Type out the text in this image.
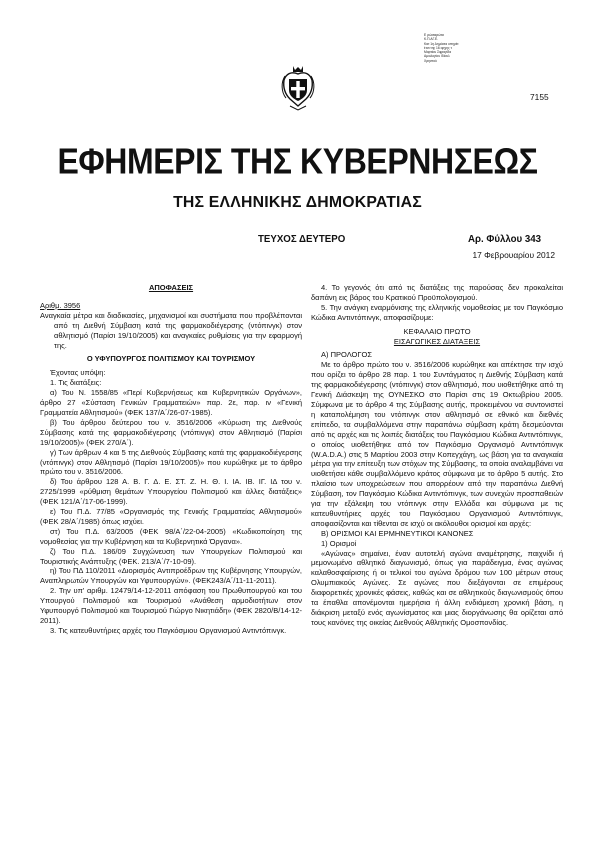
Ε ρώσιαρώτα
Κ.Π.ΑΓ.Ε.
Κατ 1η Δημόσια υπηρέτ
έτσι της 16 αρχης τ
Μαρτίου Σφραγίδα
Αμιολογίου Ιδίουλ
Χρηστού
7155
ΕΦΗΜΕΡΙΣ ΤΗΣ ΚΥΒΕΡΝΗΣΕΩΣ
ΤΗΣ ΕΛΛΗΝΙΚΗΣ ΔΗΜΟΚΡΑΤΙΑΣ
ΤΕΥΧΟΣ ΔΕΥΤΕΡΟ	Αρ. Φύλλου 343
17 Φεβρουαρίου 2012

ΑΠΟΦΑΣΕΙΣ

Αριθμ. 3956

Αναγκαία μέτρα και διαδικασίες, μηχανισμοί και συστήματα που προβλέπονται από τη Διεθνή Σύμβαση κατά της φαρμακοδιέγερσης (ντόπινγκ) στον αθλητισμό (Παρίσι 19/10/2005) και αναγκαίες ρυθμίσεις για την εφαρμογή της.

Ο ΥΦΥΠΟΥΡΓΟΣ ΠΟΛΙΤΙΣΜΟΥ ΚΑΙ ΤΟΥΡΙΣΜΟΥ

Έχοντας υπόψη:

1. Τις διατάξεις:

α) Του Ν. 1558/85 «Περί Κυβερνήσεως και Κυβερνητικών Οργάνων», άρθρο 27 «Σύσταση Γενικών Γραμματειών» παρ. 2ε, παρ. ιν «Γενική Γραμματεία Αθλητισμού» (ΦΕΚ 137/Α΄/26-07-1985).

β) Του άρθρου δεύτερου του ν. 3516/2006 «Κύρωση της Διεθνούς Σύμβασης κατά της φαρμακοδιέγερσης (ντόπινγκ) στον Αθλητισμό (Παρίσι 19/10/2005)» (ΦΕΚ 270/Α΄).

γ) Των άρθρων 4 και 5 της Διεθνούς Σύμβασης κατά της φαρμακοδιέγερσης (ντόπινγκ) στον Αθλητισμό (Παρίσι 19/10/2005)» που κυρώθηκε με το άρθρο πρώτο του ν. 3516/2006.

δ) Του άρθρου 128 Α. Β. Γ. Δ. Ε. ΣΤ. Ζ. Η. Θ. Ι. ΙΑ. ΙΒ. ΙΓ. ΙΔ του ν. 2725/1999 «ρύθμιση θεμάτων Υπουργείου Πολιτισμού και άλλες διατάξεις» (ΦΕΚ 121/Α΄/17-06-1999).

ε) Του Π.Δ. 77/85 «Οργανισμός της Γενικής Γραμματείας Αθλητισμού» (ΦΕΚ 28/Α΄/1985) όπως ισχύει.

στ) Του Π.Δ. 63/2005 (ΦΕΚ 98/Α΄/22-04-2005) «Κωδικοποίηση της νομοθεσίας για την Κυβέρνηση και τα Κυβερνητικά Όργανα».

ζ) Του Π.Δ. 186/09 Συγχώνευση των Υπουργείων Πολιτισμού και Τουριστικής Ανάπτυξης (ΦΕΚ. 213/Α΄/7-10-09).

η) Του ΠΔ 110/2011 «Διορισμός Αντιπροέδρων της Κυβέρνησης Υπουργών, Αναπληρωτών Υπουργών και Υφυπουργών». (ΦΕΚ243/Α΄/11-11-2011).

2. Την υπ' αριθμ. 12479/14-12-2011 απόφαση του Πρωθυπουργού και του Υπουργού Πολιτισμού και Τουρισμού «Ανάθεση αρμοδιοτήτων στον Υφυπουργό Πολιτισμού και Τουρισμού Γιώργο Νικητιάδη» (ΦΕΚ 2820/Β/14-12-2011).

3. Τις κατευθυντήριες αρχές του Παγκόσμιου Οργανισμού Αντιντόπινγκ.

4. Το γεγονός ότι από τις διατάξεις της παρούσας δεν προκαλείται δαπάνη εις βάρος του Κρατικού Προϋπολογισμού.

5. Την ανάγκη εναρμόνισης της ελληνικής νομοθεσίας με τον Παγκόσμιο Κώδικα Αντιντόπινγκ, αποφασίζουμε:

ΚΕΦΑΛΑΙΟ ΠΡΩΤΟ

ΕΙΣΑΓΩΓΙΚΕΣ ΔΙΑΤΑΞΕΙΣ

Α) ΠΡΟΛΟΓΟΣ

Με το άρθρο πρώτο του ν. 3516/2006 κυρώθηκε και απέκτησε την ισχύ που ορίζει το άρθρο 28 παρ. 1 του Συντάγματος η Διεθνής Σύμβαση κατά της φαρμακοδιέγερσης (ντόπινγκ) στον αθλητισμό, που υιοθετήθηκε από τη Γενική Διάσκεψη της ΟΥΝΕΣΚΟ στο Παρίσι στις 19 Οκτωβρίου 2005. Σύμφωνα με το άρθρο 4 της Σύμβασης αυτής, προκειμένου να συντονιστεί η καταπολέμηση του ντόπινγκ στον αθλητισμό σε εθνικό και διεθνές επίπεδο, τα συμβαλλόμενα στην παραπάνω σύμβαση κράτη δεσμεύονται από τις αρχές και τις λοιπές διατάξεις του Παγκόσμιου Κώδικα Αντιντόπινγκ, ο οποίος υιοθετήθηκε από τον Παγκόσμιο Οργανισμό Αντιντόπινγκ (W.A.D.A.) στις 5 Μαρτίου 2003 στην Κοπεγχάγη, ως βάση για τα αναγκαία μέτρα για την επίτευξη των στόχων της Σύμβασης, τα οποία αναλαμβάνει να υιοθετήσει κάθε συμβαλλόμενο κράτος σύμφωνα με το άρθρο 5 αυτής. Στο πλαίσιο των υποχρεώσεων που απορρέουν από την παραπάνω Διεθνή Σύμβαση, τον Παγκόσμιο Κώδικα Αντιντόπινγκ, των συνεχών προσπαθειών για την εξάλειψη του ντόπινγκ στην Ελλάδα και σύμφωνα με τις κατευθυντήριες αρχές του Παγκόσμιου Οργανισμού Αντιντόπινγκ, αποφασίζονται και τίθενται σε ισχύ οι ακόλουθοι ορισμοί και αρχές:

Β) ΟΡΙΣΜΟΙ ΚΑΙ ΕΡΜΗΝΕΥΤΙΚΟΙ ΚΑΝΟΝΕΣ

1) Ορισμοί

«Αγώνας» σημαίνει, έναν αυτοτελή αγώνα αναμέτρησης, παιχνίδι ή μεμονωμένο αθλητικό διαγωνισμό, όπως για παράδειγμα, ένας αγώνας καλαθοσφαίρισης ή οι τελικοί του αγώνα δρόμου των 100 μέτρων στους Ολυμπιακούς Αγώνες. Σε αγώνες που διεξάγονται σε επιμέρους διαφορετικές χρονικές φάσεις, καθώς και σε αθλητικούς διαγωνισμούς όπου τα έπαθλα απονέμονται ημερήσια ή άλλη ενδιάμεση χρονική βάση, η διάκριση μεταξύ ενός αγωνίσματος και μιας διοργάνωσης θα ορίζεται από τους κανόνες της οικείας Διεθνούς Αθλητικής Ομοσπονδίας.
